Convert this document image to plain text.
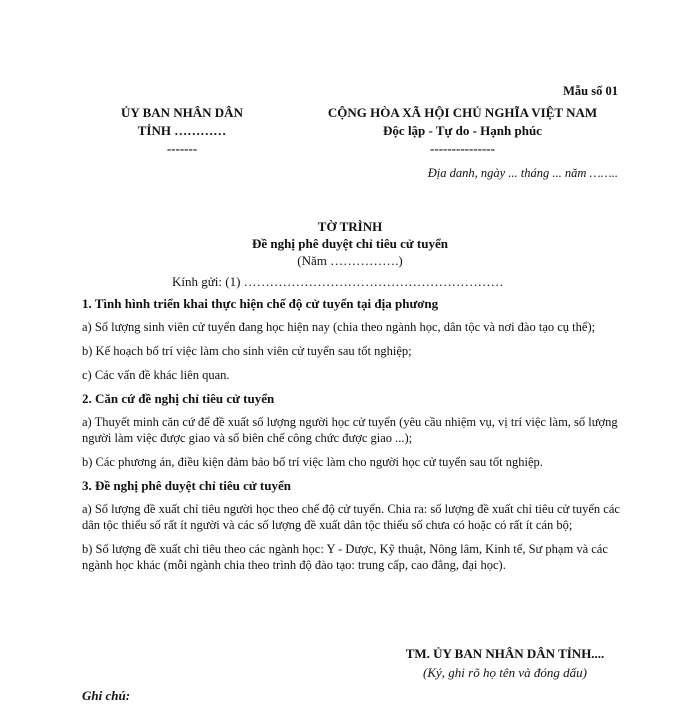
Mẫu số 01
ỦY BAN NHÂN DÂN
TỈNH …………
-------
CỘNG HÒA XÃ HỘI CHỦ NGHĨA VIỆT NAM
Độc lập - Tự do - Hạnh phúc
---------------
Địa danh, ngày ... tháng ... năm ……..
TỜ TRÌNH
Đề nghị phê duyệt chỉ tiêu cử tuyển
(Năm …………….)
Kính gửi: (1) ……………………………………………………

1. Tình hình triển khai thực hiện chế độ cử tuyển tại địa phương

a) Số lượng sinh viên cử tuyển đang học hiện nay (chia theo ngành học, dân tộc và nơi đào tạo cụ thể);

b) Kế hoạch bố trí việc làm cho sinh viên cử tuyển sau tốt nghiệp;

c) Các vấn đề khác liên quan.

2. Căn cứ đề nghị chỉ tiêu cử tuyển

a) Thuyết minh căn cứ để đề xuất số lượng người học cử tuyển (yêu cầu nhiệm vụ, vị trí việc làm, số lượng người làm việc được giao và số biên chế công chức được giao ...);

b) Các phương án, điều kiện đảm bảo bố trí việc làm cho người học cử tuyển sau tốt nghiệp.

3. Đề nghị phê duyệt chỉ tiêu cử tuyển

a) Số lượng đề xuất chỉ tiêu người học theo chế độ cử tuyển. Chia ra: số lượng đề xuất chỉ tiêu cử tuyển các dân tộc thiểu số rất ít người và các số lượng đề xuất dân tộc thiểu số chưa có hoặc có rất ít cán bộ;

b) Số lượng đề xuất chỉ tiêu theo các ngành học: Y - Dược, Kỹ thuật, Nông lâm, Kinh tế, Sư phạm và các ngành học khác (mỗi ngành chia theo trình độ đào tạo: trung cấp, cao đẳng, đại học).

TM. ỦY BAN NHÂN DÂN TỈNH....
(Ký, ghi rõ họ tên và đóng dấu)
Ghi chú:
